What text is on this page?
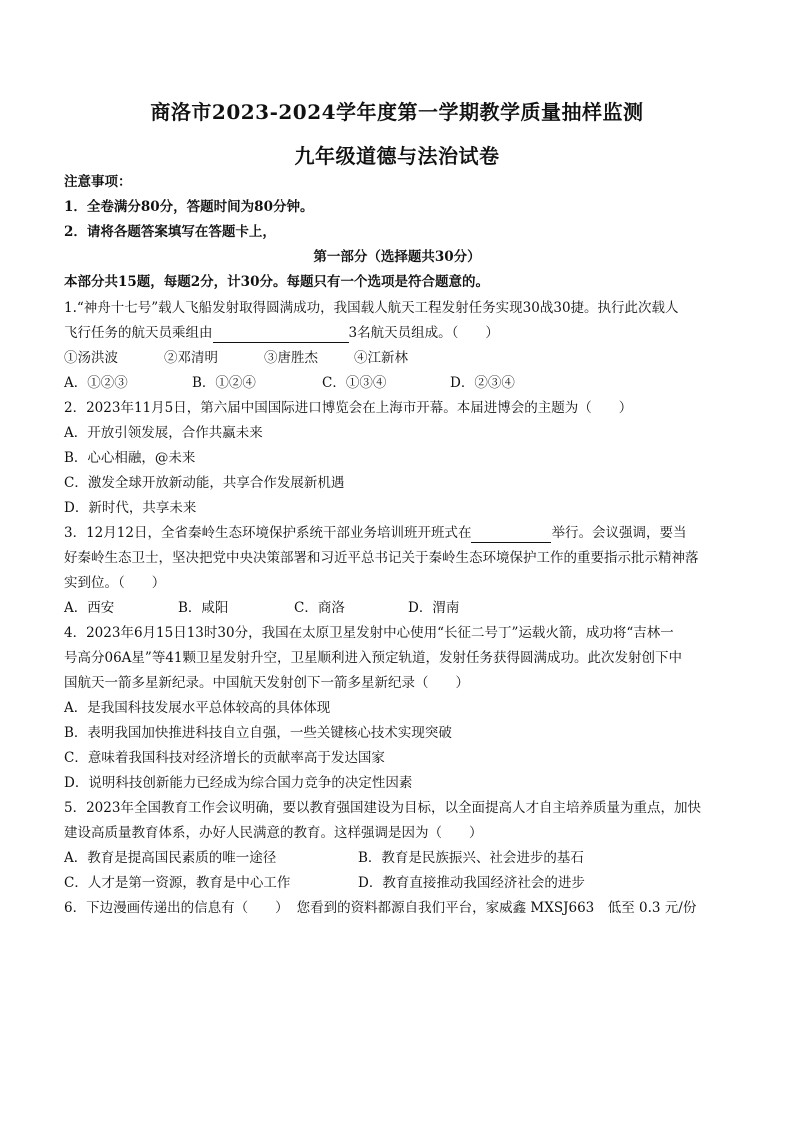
商洛市2023-2024学年度第一学期教学质量抽样监测
九年级道德与法治试卷
注意事项：
1．全卷满分80分，答题时间为80分钟。
2．请将各题答案填写在答题卡上，
第一部分（选择题共30分）
本部分共15题，每题2分，计30分。每题只有一个选项是符合题意的。
1.“神舟十七号”载人飞船发射取得圆满成功，我国载人航天工程发射任务实现30战30捷。执行此次载人
飞行任务的航天员乘组由	3名航天员组成。（　　）
①汤洪波	②邓清明	③唐胜杰	④江新林
A．①②③	B．①②④	C．①③④	D．②③④
2．2023年11月5日，第六届中国国际进口博览会在上海市开幕。本届进博会的主题为（　　）
A．开放引领发展，合作共赢未来
B．心心相融，@未来
C．激发全球开放新动能，共享合作发展新机遇
D．新时代，共享未来
3．12月12日，全省秦岭生态环境保护系统干部业务培训班开班式在	举行。会议强调，要当
好秦岭生态卫士，坚决把党中央决策部署和习近平总书记关于秦岭生态环境保护工作的重要指示批示精神落
实到位。（　　）
A．西安	B．咸阳	C．商洛	D．渭南
4．2023年6月15日13时30分，我国在太原卫星发射中心使用“长征二号丁”运载火箭，成功将“吉林一
号高分06A星”等41颗卫星发射升空，卫星顺利进入预定轨道，发射任务获得圆满成功。此次发射创下中
国航天一箭多星新纪录。中国航天发射创下一箭多星新纪录（　　）
A．是我国科技发展水平总体较高的具体体现
B．表明我国加快推进科技自立自强，一些关键核心技术实现突破
C．意味着我国科技对经济增长的贡献率高于发达国家
D．说明科技创新能力已经成为综合国力竞争的决定性因素
5．2023年全国教育工作会议明确，要以教育强国建设为目标，以全面提高人才自主培养质量为重点，加快
建设高质量教育体系，办好人民满意的教育。这样强调是因为（　　）
A．教育是提高国民素质的唯一途径	B．教育是民族振兴、社会进步的基石
C．人才是第一资源，教育是中心工作	D．教育直接推动我国经济社会的进步
6．下边漫画传递出的信息有（　　） 您看到的资料都源自我们平台，家威鑫 MXSJ663　低至 0.3 元/份
